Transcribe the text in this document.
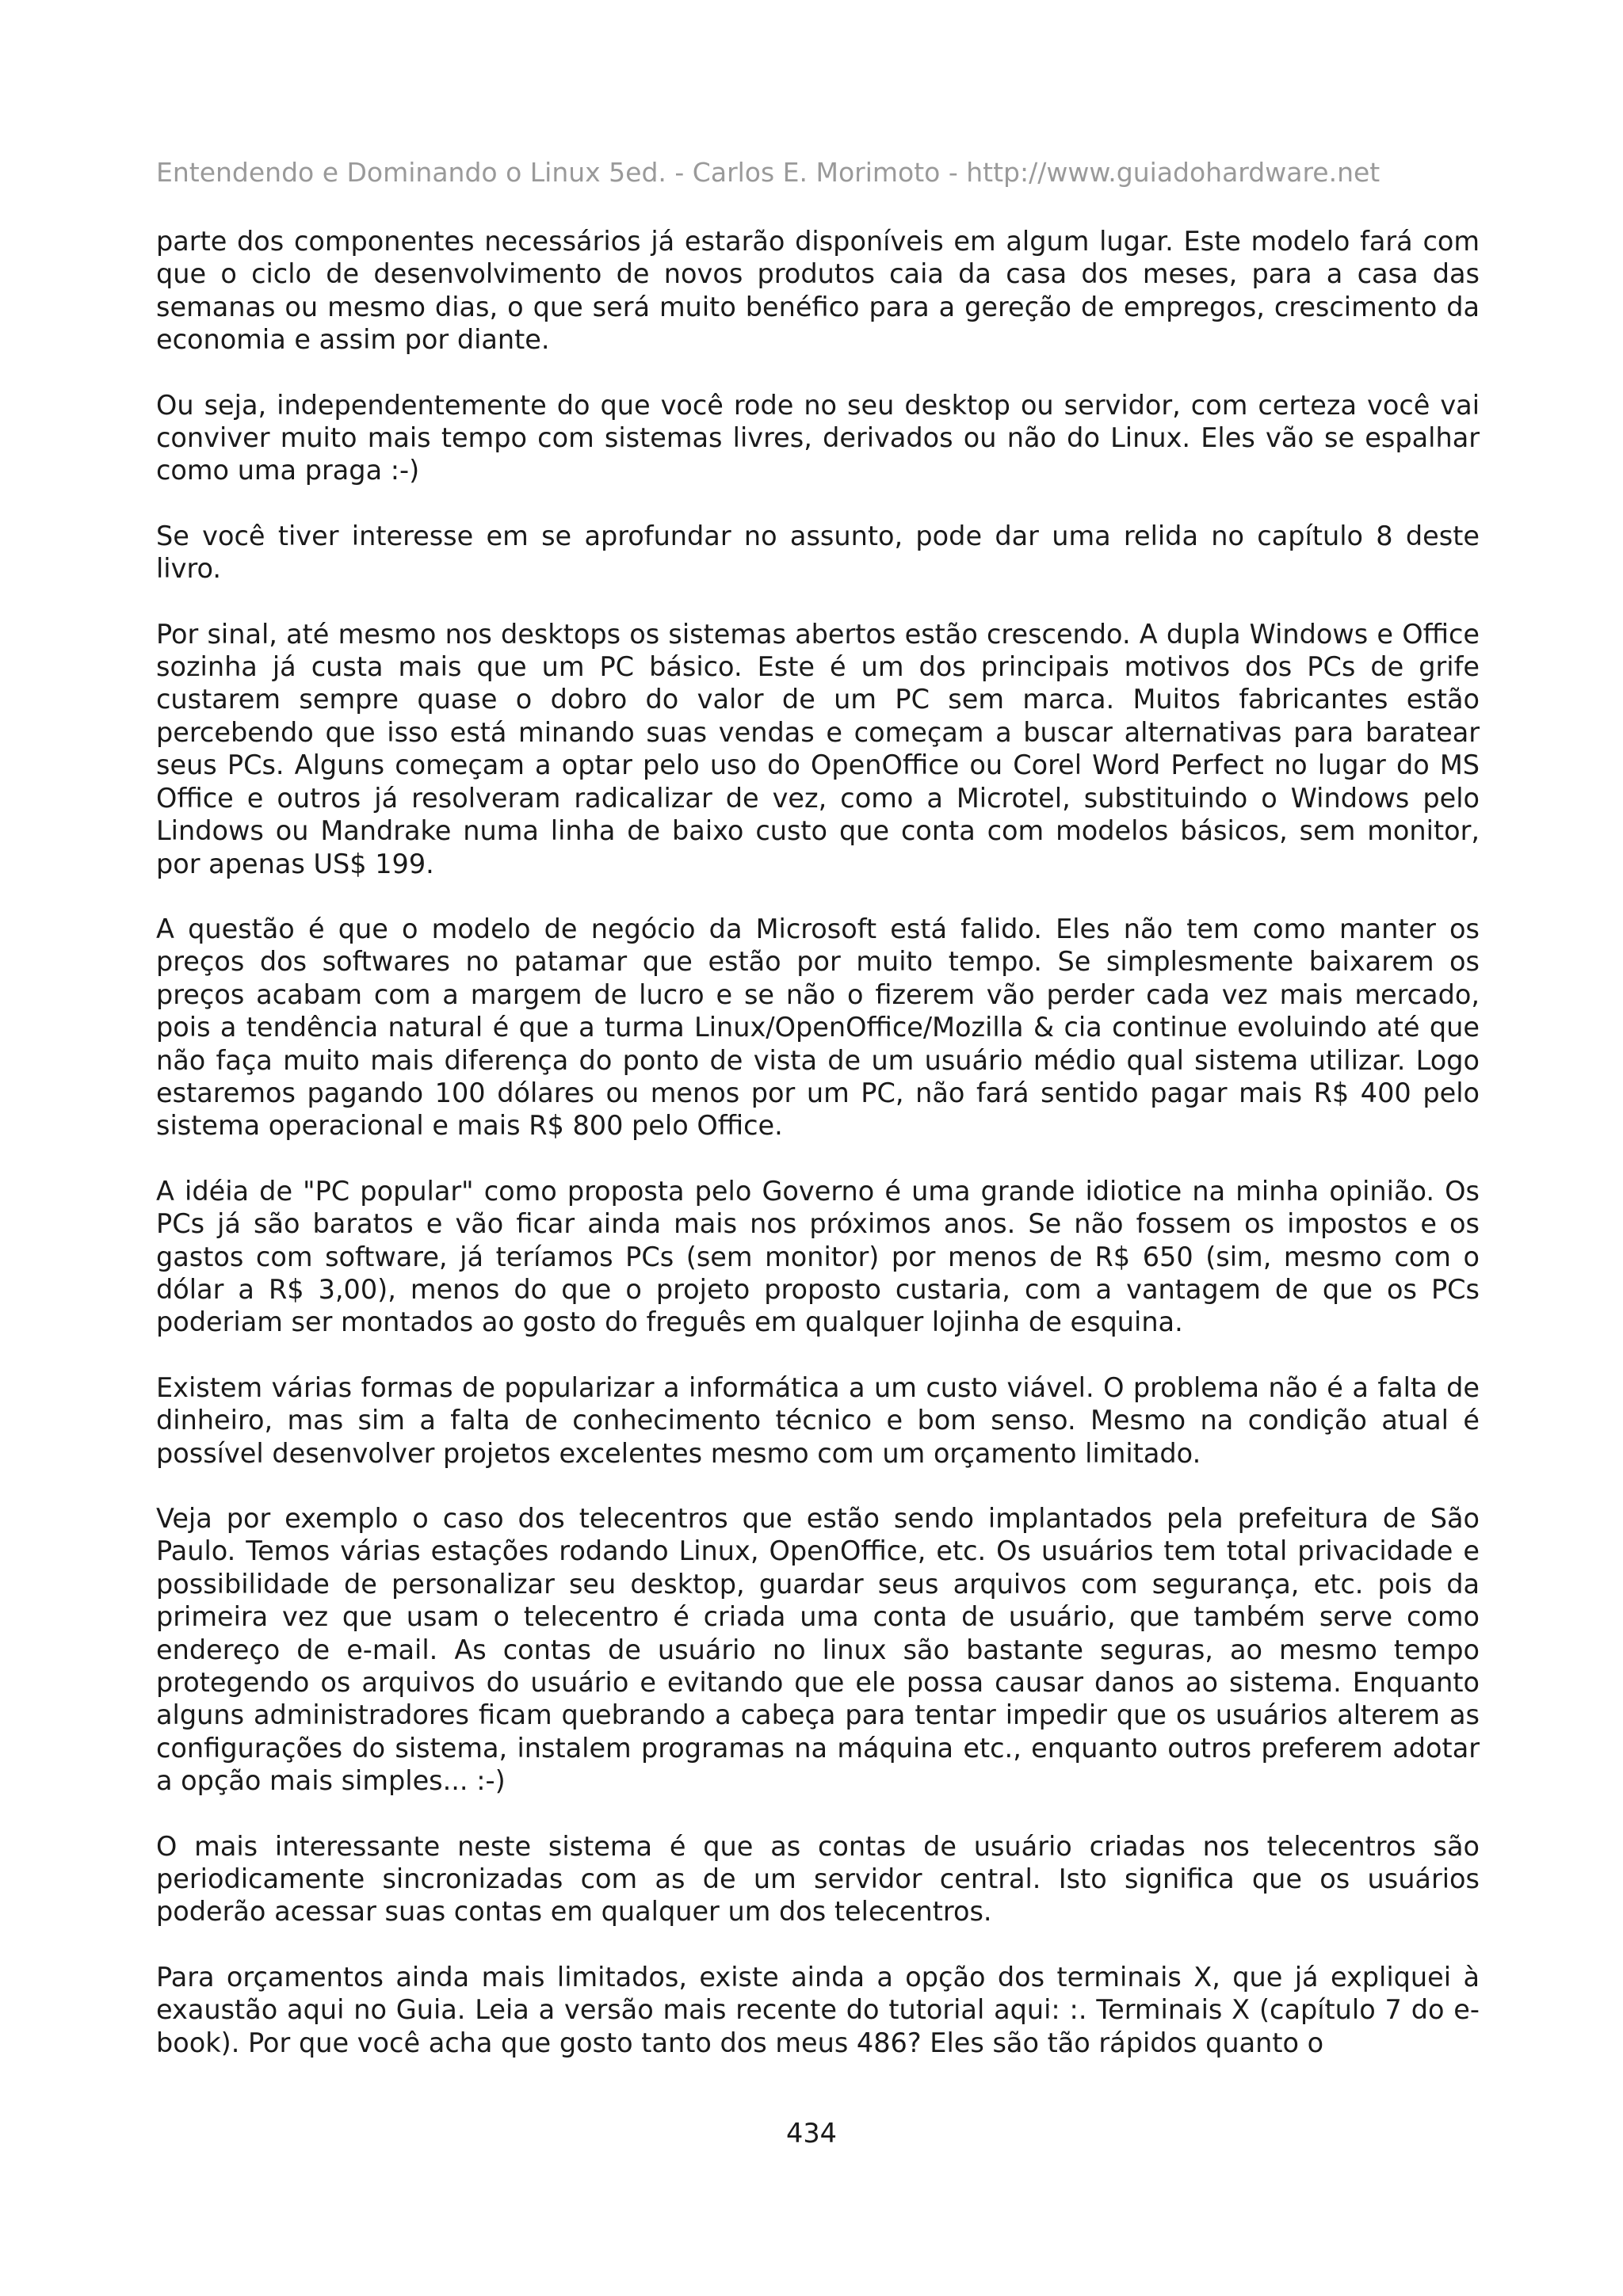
Entendendo e Dominando o Linux 5ed. - Carlos E. Morimoto - http://www.guiadohardware.net

parte dos componentes necessários já estarão disponíveis em algum lugar. Este modelo fará com que o ciclo de desenvolvimento de novos produtos caia da casa dos meses, para a casa das semanas ou mesmo dias, o que será muito benéfico para a gereção de empregos, crescimento da economia e assim por diante.

Ou seja, independentemente do que você rode no seu desktop ou servidor, com certeza você vai conviver muito mais tempo com sistemas livres, derivados ou não do Linux. Eles vão se espalhar como uma praga :-)

Se você tiver interesse em se aprofundar no assunto, pode dar uma relida no capítulo 8 deste livro.

Por sinal, até mesmo nos desktops os sistemas abertos estão crescendo. A dupla Windows e Office sozinha já custa mais que um PC básico. Este é um dos principais motivos dos PCs de grife custarem sempre quase o dobro do valor de um PC sem marca. Muitos fabricantes estão percebendo que isso está minando suas vendas e começam a buscar alternativas para baratear seus PCs. Alguns começam a optar pelo uso do OpenOffice ou Corel Word Perfect no lugar do MS Office e outros já resolveram radicalizar de vez, como a Microtel, substituindo o Windows pelo Lindows ou Mandrake numa linha de baixo custo que conta com modelos básicos, sem monitor, por apenas US$ 199.

A questão é que o modelo de negócio da Microsoft está falido. Eles não tem como manter os preços dos softwares no patamar que estão por muito tempo. Se simplesmente baixarem os preços acabam com a margem de lucro e se não o fizerem vão perder cada vez mais mercado, pois a tendência natural é que a turma Linux/OpenOffice/Mozilla & cia continue evoluindo até que não faça muito mais diferença do ponto de vista de um usuário médio qual sistema utilizar. Logo estaremos pagando 100 dólares ou menos por um PC, não fará sentido pagar mais R$ 400 pelo sistema operacional e mais R$ 800 pelo Office.

A idéia de "PC popular" como proposta pelo Governo é uma grande idiotice na minha opinião. Os PCs já são baratos e vão ficar ainda mais nos próximos anos. Se não fossem os impostos e os gastos com software, já teríamos PCs (sem monitor) por menos de R$ 650 (sim, mesmo com o dólar a R$ 3,00), menos do que o projeto proposto custaria, com a vantagem de que os PCs poderiam ser montados ao gosto do freguês em qualquer lojinha de esquina.

Existem várias formas de popularizar a informática a um custo viável. O problema não é a falta de dinheiro, mas sim a falta de conhecimento técnico e bom senso. Mesmo na condição atual é possível desenvolver projetos excelentes mesmo com um orçamento limitado.

Veja por exemplo o caso dos telecentros que estão sendo implantados pela prefeitura de São Paulo. Temos várias estações rodando Linux, OpenOffice, etc. Os usuários tem total privacidade e possibilidade de personalizar seu desktop, guardar seus arquivos com segurança, etc. pois da primeira vez que usam o telecentro é criada uma conta de usuário, que também serve como endereço de e-mail. As contas de usuário no linux são bastante seguras, ao mesmo tempo protegendo os arquivos do usuário e evitando que ele possa causar danos ao sistema. Enquanto alguns administradores ficam quebrando a cabeça para tentar impedir que os usuários alterem as configurações do sistema, instalem programas na máquina etc., enquanto outros preferem adotar a opção mais simples... :-)

O mais interessante neste sistema é que as contas de usuário criadas nos telecentros são periodicamente sincronizadas com as de um servidor central. Isto significa que os usuários poderão acessar suas contas em qualquer um dos telecentros.

Para orçamentos ainda mais limitados, existe ainda a opção dos terminais X, que já expliquei à exaustão aqui no Guia. Leia a versão mais recente do tutorial aqui: :. Terminais X (capítulo 7 do e-book). Por que você acha que gosto tanto dos meus 486? Eles são tão rápidos quanto o

434
